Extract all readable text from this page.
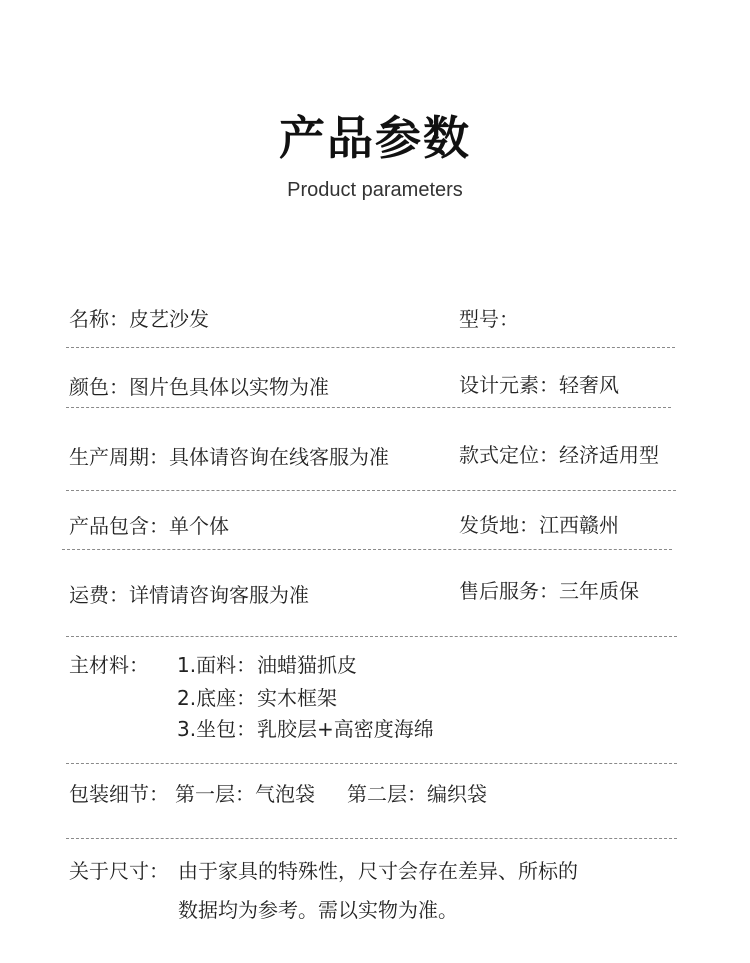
产品参数
Product parameters
名称：皮艺沙发	型号：
颜色：图片色具体以实物为准	设计元素：轻奢风
生产周期：具体请咨询在线客服为准	款式定位：经济适用型
产品包含：单个体	发货地：江西赣州
运费：详情请咨询客服为准	售后服务：三年质保
主材料： 1.面料： 油蜡猫抓皮
2.底座： 实木框架
3.坐包： 乳胶层+高密度海绵
包装细节： 第一层：气泡袋 第二层：编织袋
关于尺寸： 由于家具的特殊性，尺寸会存在差异、所标的
数据均为参考。需以实物为准。
